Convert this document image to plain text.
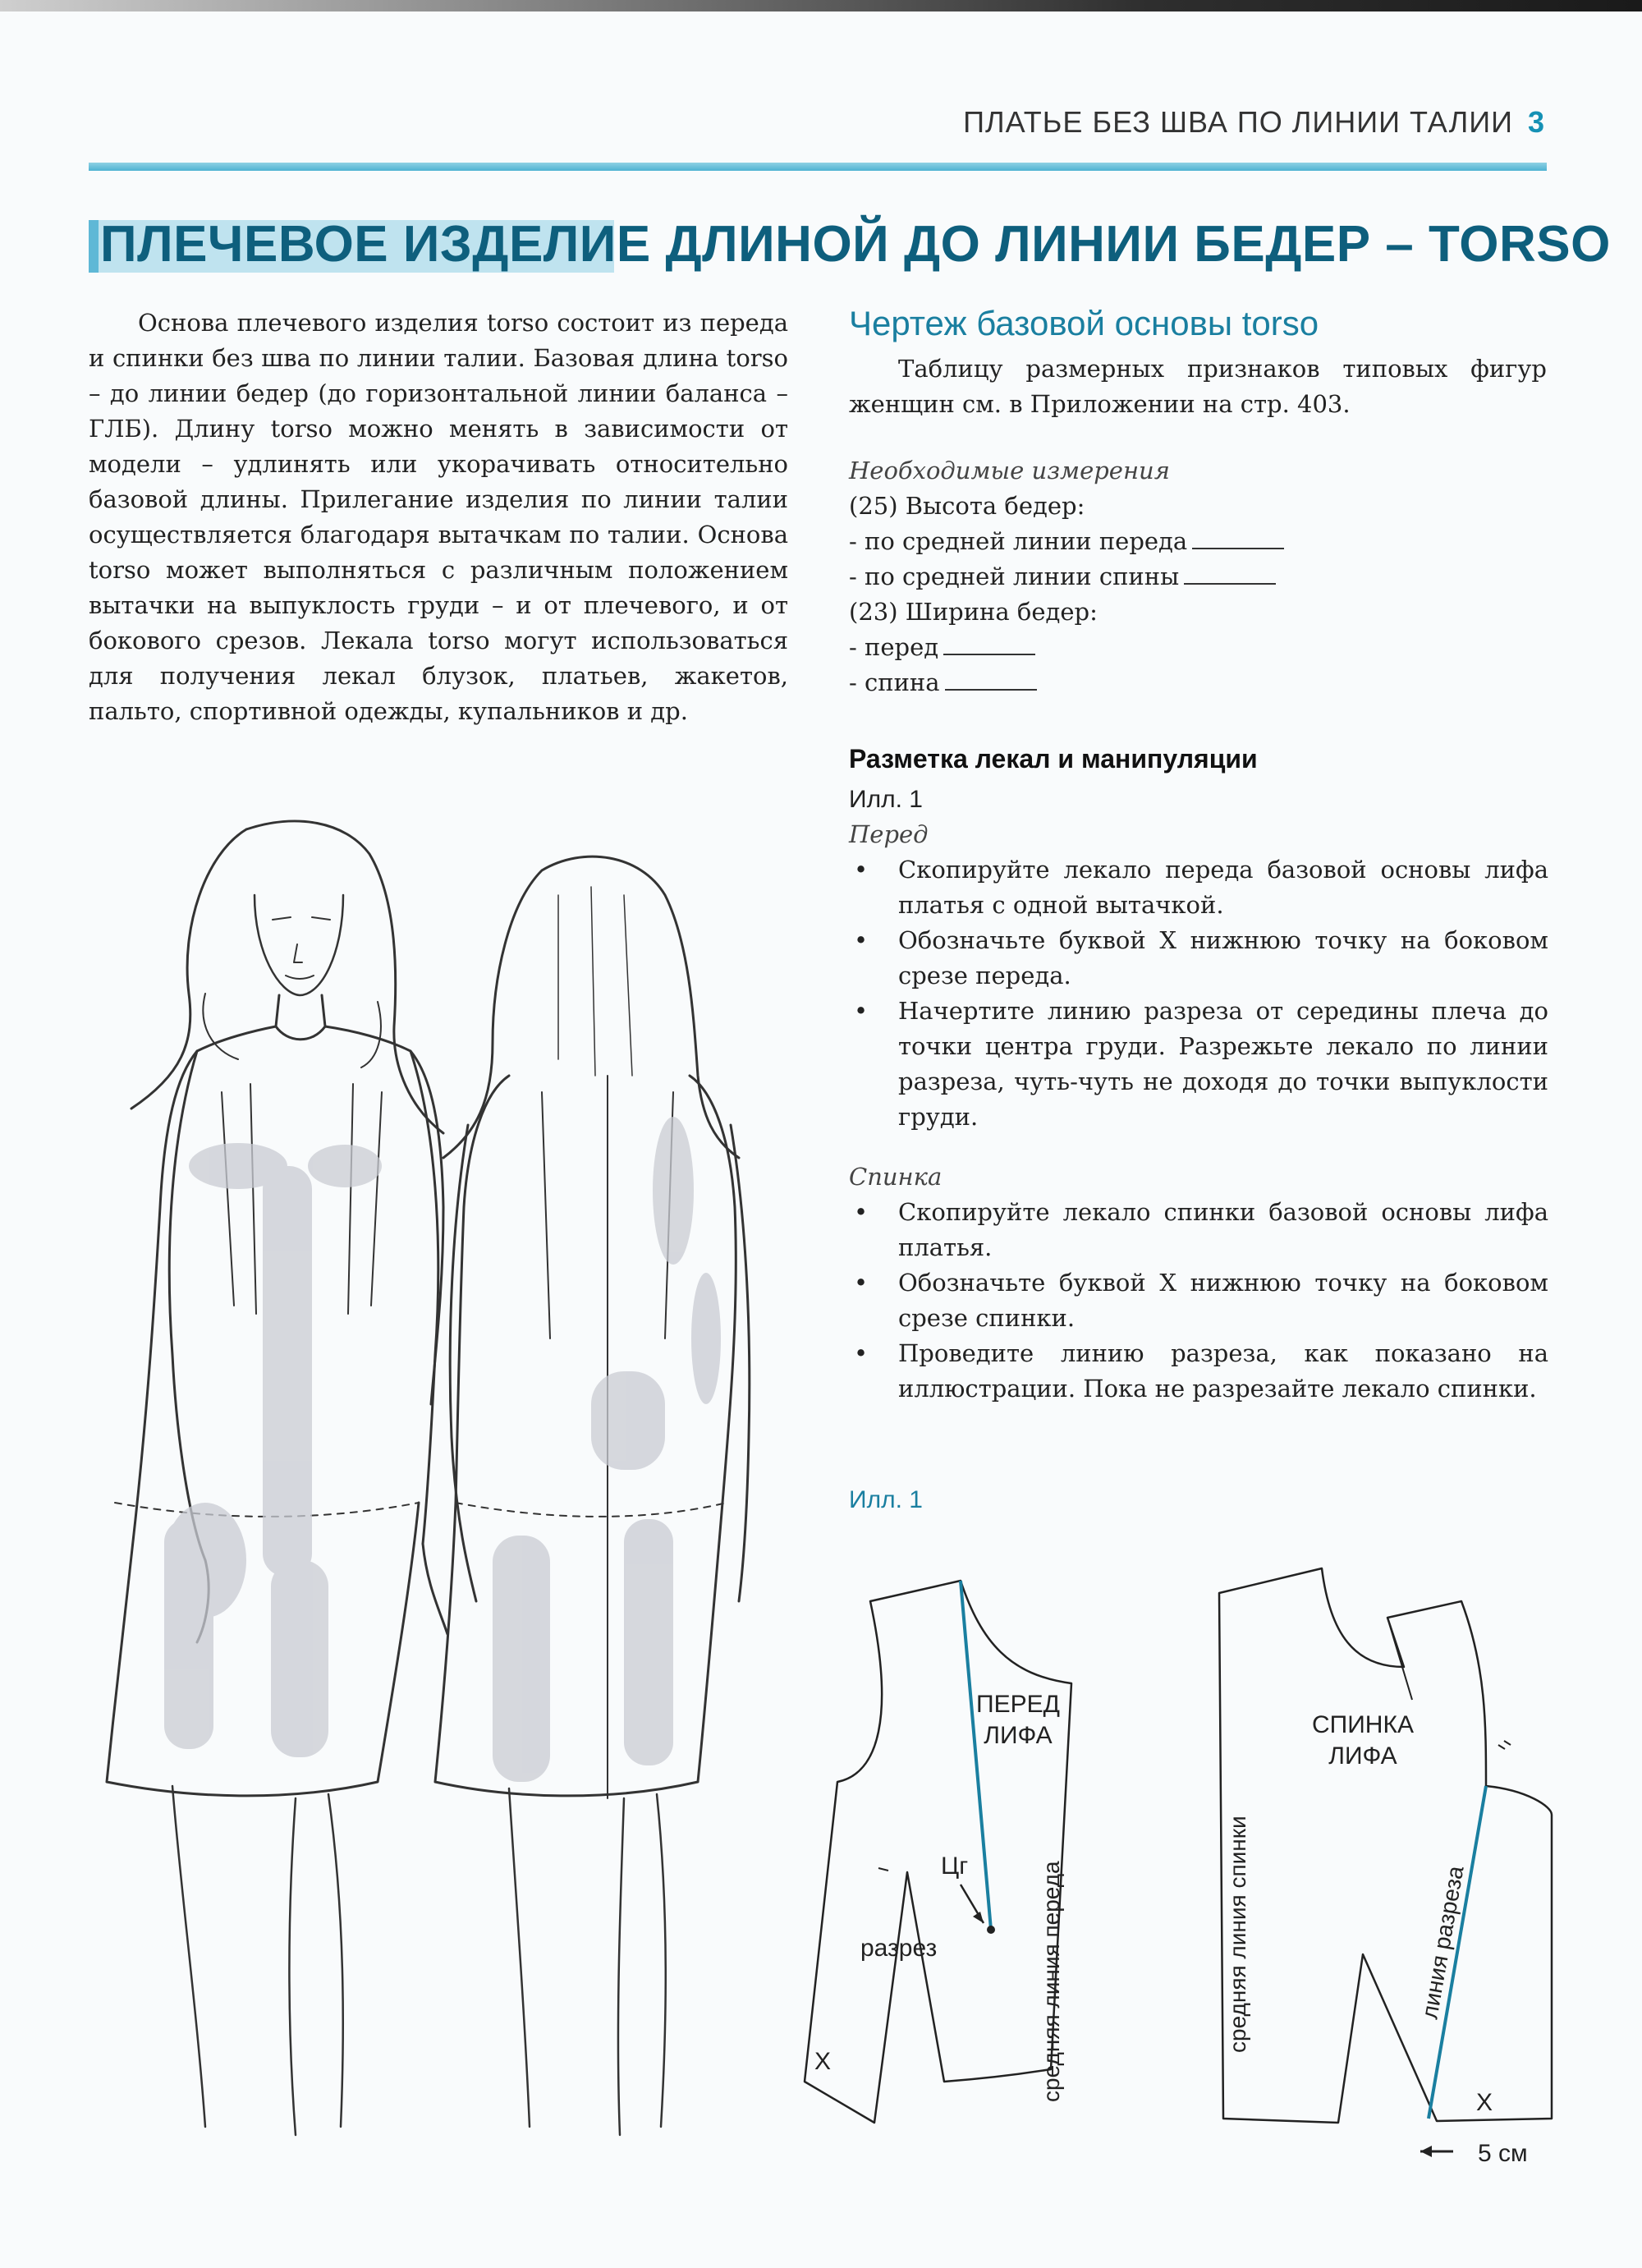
ПЛАТЬЕ БЕЗ ШВА ПО ЛИНИИ ТАЛИИ 3
ПЛЕЧЕВОЕ ИЗДЕЛИЕ ДЛИНОЙ ДО ЛИНИИ БЕДЕР – TORSO
Основа плечевого изделия torso состоит из переда и спинки без шва по линии талии. Базовая длина torso – до линии бедер (до горизонтальной линии баланса – ГЛБ). Длину torso можно менять в зависимости от модели – удлинять или укорачивать относительно базовой длины. Прилегание изделия по линии талии осуществляется благодаря вытачкам по талии. Основа torso может выполняться с различным положением вытачки на выпуклость груди – и от плечевого, и от бокового срезов. Лекала torso могут использоваться для получения лекал блузок, платьев, жакетов, пальто, спортивной одежды, купальников и др.
Чертеж базовой основы torso
Таблицу размерных признаков типовых фигур женщин см. в Приложении на стр. 403.
Необходимые измерения
(25) Высота бедер:
- по средней линии переда
- по средней линии спины
(23) Ширина бедер:
- перед
- спина
Разметка лекал и манипуляции
Илл. 1
Перед
• Скопируйте лекало переда базовой основы лифа платья с одной вытачкой.
• Обозначьте буквой Х нижнюю точку на боковом срезе переда.
• Начертите линию разреза от середины плеча до точки центра груди. Разрежьте лекало по линии разреза, чуть-чуть не доходя до точки выпуклости груди.
Спинка
• Скопируйте лекало спинки базовой основы лифа платья.
• Обозначьте буквой Х нижнюю точку на боковом срезе спинки.
• Проведите линию разреза, как показано на иллюстрации. Пока не разрезайте лекало спинки.
Илл. 1
ПЕРЕД
ЛИФА	СПИНКА
ЛИФА
Цг
разрез	средняя линия переда	средняя линия спинки	линия разреза
X
X
5 см
